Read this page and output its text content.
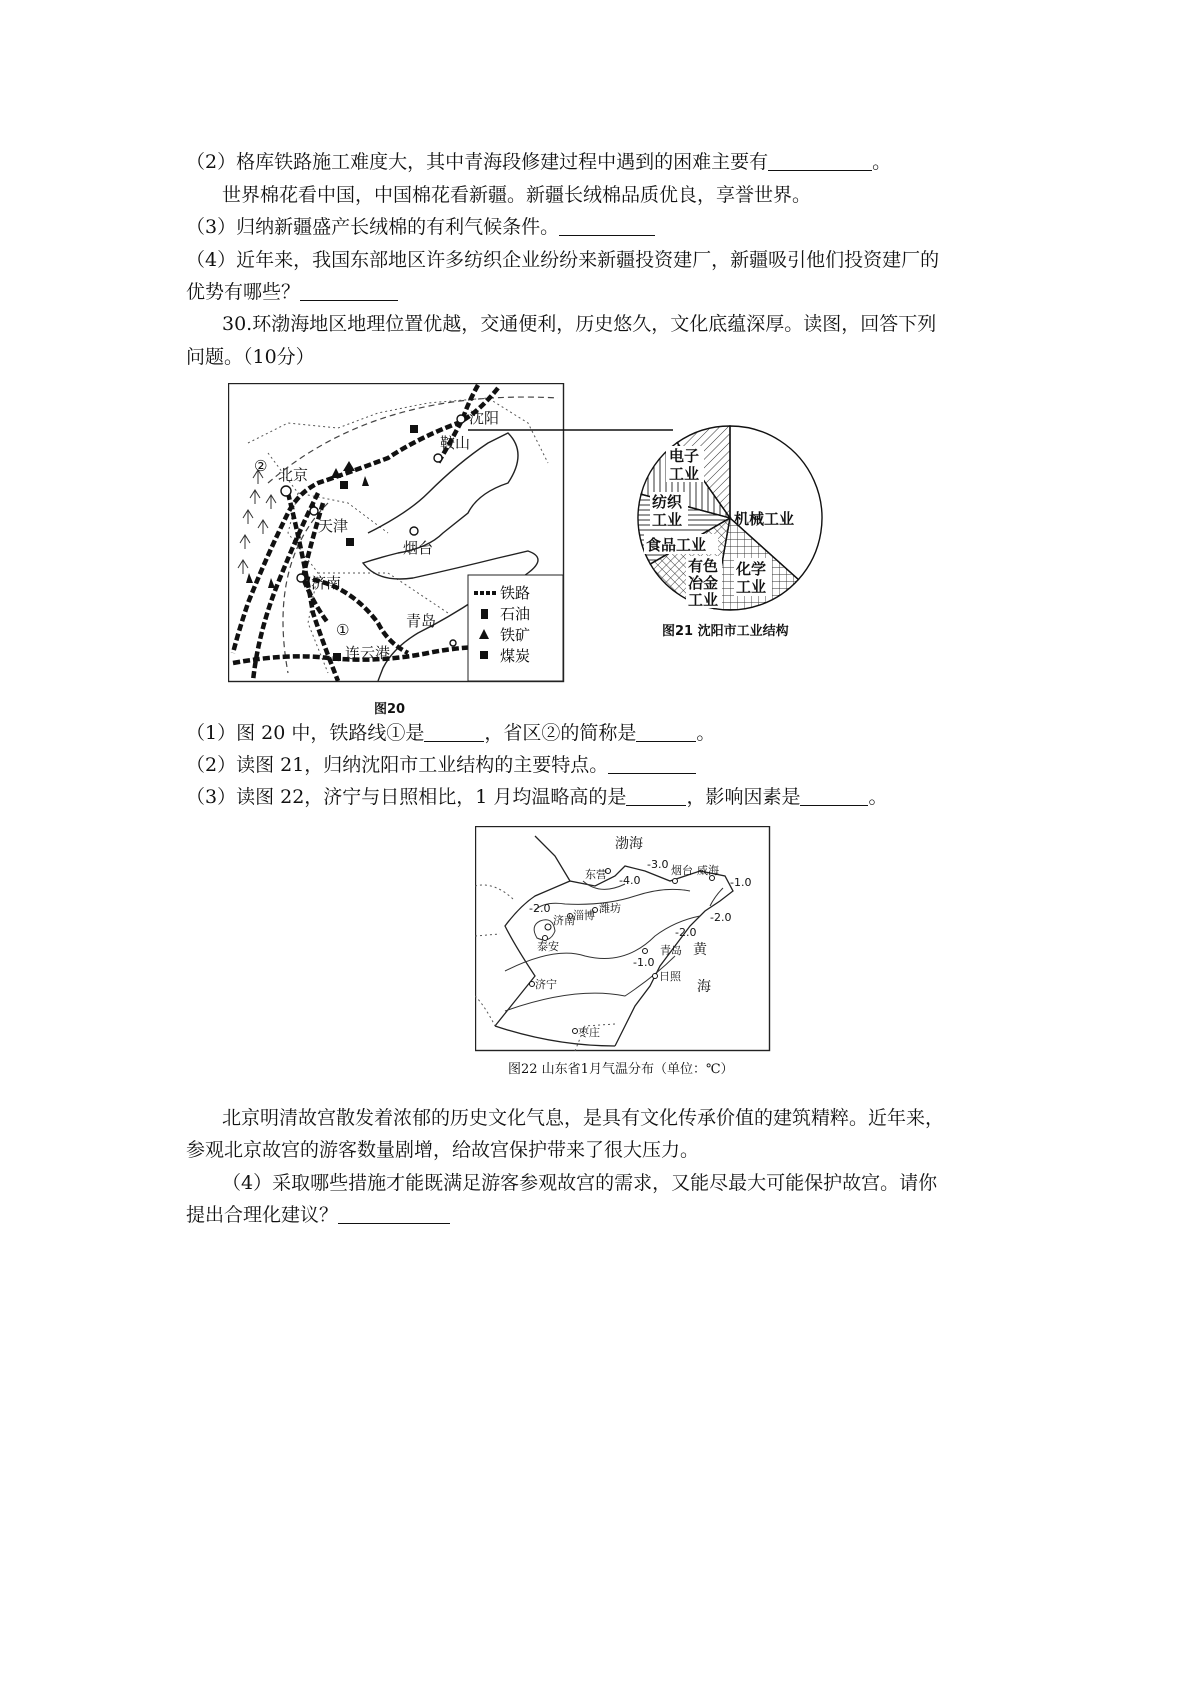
（2）格库铁路施工难度大，其中青海段修建过程中遇到的困难主要有	。
世界棉花看中国，中国棉花看新疆。新疆长绒棉品质优良，享誉世界。
（3）归纳新疆盛产长绒棉的有利气候条件。
（4）近年来，我国东部地区许多纺织企业纷纷来新疆投资建厂，新疆吸引他们投资建厂的
优势有哪些？
30.环渤海地区地理位置优越，交通便利，历史悠久，文化底蕴深厚。读图，回答下列
问题。（10分）
沈阳
鞍山
北京
天津
烟台
济南
青岛
连云港
①
②
铁路
石油
铁矿
煤炭
图20
电子
工业
纺织
工业	机械工业
食品工业
有色
冶金
工业
化学
工业
图21 沈阳市工业结构
（1）图 20 中，铁路线①是	，省区②的简称是	。
（2）读图 21，归纳沈阳市工业结构的主要特点。
（3）读图 22，济宁与日照相比，1 月均温略高的是	，影响因素是	。
渤海
东营	烟台 威海
淄博
潍坊
济南
泰安	青岛 黄
海
济宁
日照
枣庄
-4.0
-3.0
-2.0
-1.0
-2.0
-2.0
-1.0
图22 山东省1月气温分布（单位：℃）
北京明清故宫散发着浓郁的历史文化气息，是具有文化传承价值的建筑精粹。近年来，
参观北京故宫的游客数量剧增，给故宫保护带来了很大压力。
（4）采取哪些措施才能既满足游客参观故宫的需求，又能尽最大可能保护故宫。请你
提出合理化建议？
